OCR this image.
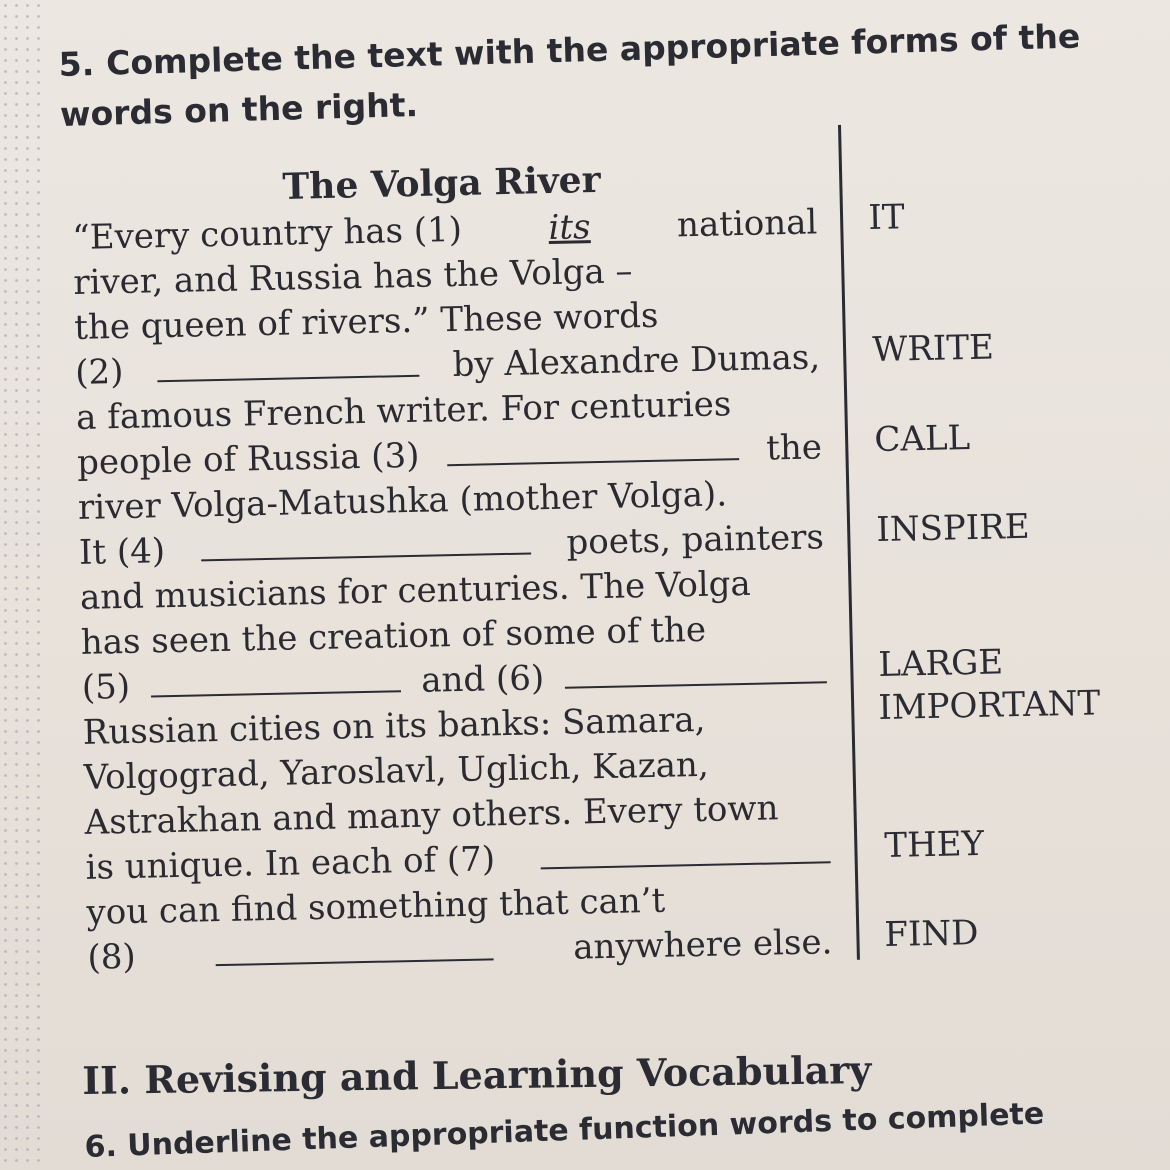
5. Complete the text with the appropriate forms of the
words on the right.
The Volga River
“Every country has (1)	its	national
river, and Russia has the Volga –
the queen of rivers.” These words
(2)	by Alexandre Dumas,
a famous French writer. For centuries
people of Russia (3)	the
river Volga-Matushka (mother Volga).
It (4)	poets, painters
and musicians for centuries. The Volga
has seen the creation of some of the
(5)	and (6)
Russian cities on its banks: Samara,
Volgograd, Yaroslavl, Uglich, Kazan,
Astrakhan and many others. Every town
is unique. In each of (7)
you can find something that can’t
(8)	anywhere else.
IT
WRITE
CALL
INSPIRE
LARGE
IMPORTANT
THEY
FIND
II. Revising and Learning Vocabulary
6. Underline the appropriate function words to complete
